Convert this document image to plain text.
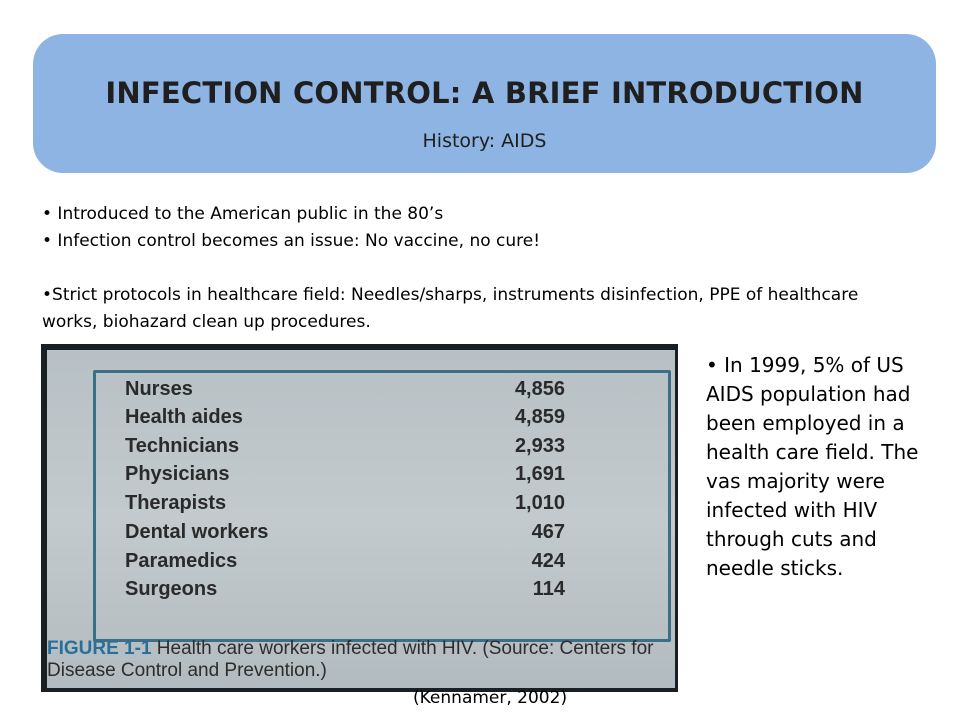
INFECTION CONTROL: A BRIEF INTRODUCTION
History: AIDS
• Introduced to the American public in the 80’s
• Infection control becomes an issue: No vaccine, no cure!
•Strict protocols in healthcare field: Needles/sharps, instruments disinfection, PPE of healthcare works, biohazard clean up procedures.
Nurses	4,856
Health aides	4,859
Technicians	2,933
Physicians	1,691
Therapists	1,010
Dental workers	467
Paramedics	424
Surgeons	114
FIGURE 1-1 Health care workers infected with HIV. (Source: Centers for Disease Control and Prevention.)
• In 1999, 5% of US AIDS population had been employed in a health care field. The vas majority were infected with HIV through cuts and needle sticks.
(Kennamer, 2002)
